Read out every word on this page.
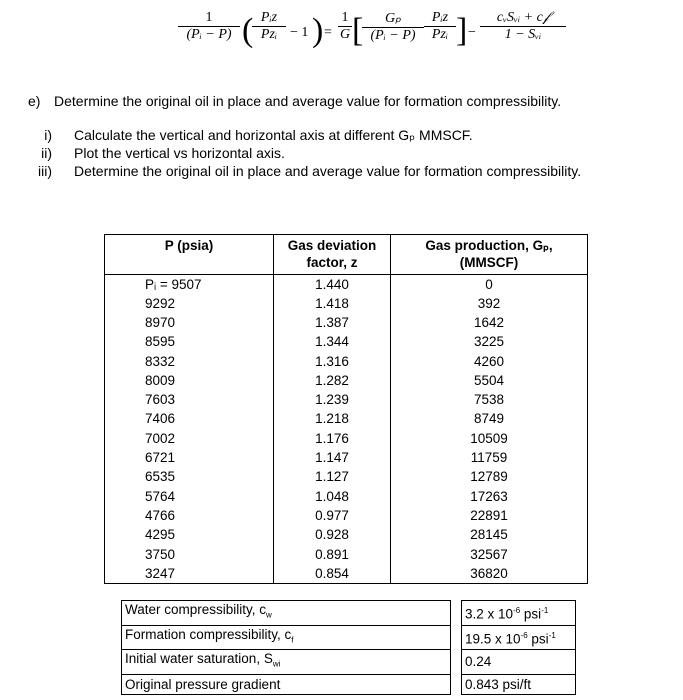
$\frac{1}{\text{(Pᵢ − P)}}$ ( Pᵢz
Pzᵢ − 1 ) = $\frac{1}{G}$ [
$\frac{\text{Gₚ}}{\text{(Pᵢ − P)}}$ Pᵢz
Pzᵢ ] −
cᵥSᵥᵢ + c𝒻
1 − Sᵥᵢ
e) Determine the original oil in place and average value for formation compressibility.
i)	Calculate the vertical and horizontal axis at different Gₚ MMSCF.
ii)	Plot the vertical vs horizontal axis.
iii)	Determine the original oil in place and average value for formation compressibility.
P (psia)	Gas deviation factor, z	Gas production, Gₚ, (MMSCF)
Pᵢ = 9507	1.440	0
9292	1.418	392
8970	1.387	1642
8595	1.344	3225
8332	1.316	4260
8009	1.282	5504
7603	1.239	7538
7406	1.218	8749
7002	1.176	10509
6721	1.147	11759
6535	1.127	12789
5764	1.048	17263
4766	0.977	22891
4295	0.928	28145
3750	0.891	32567
3247	0.854	36820
Water compressibility, $c_w$		3.2 x $10^{-6}$ psi$^{-1}$
Formation compressibility, $c_f$		19.5 x $10^{-6}$ psi$^{-1}$
Initial water saturation, $S_{wi}$		0.24
Original pressure gradient		0.843 psi/ft
